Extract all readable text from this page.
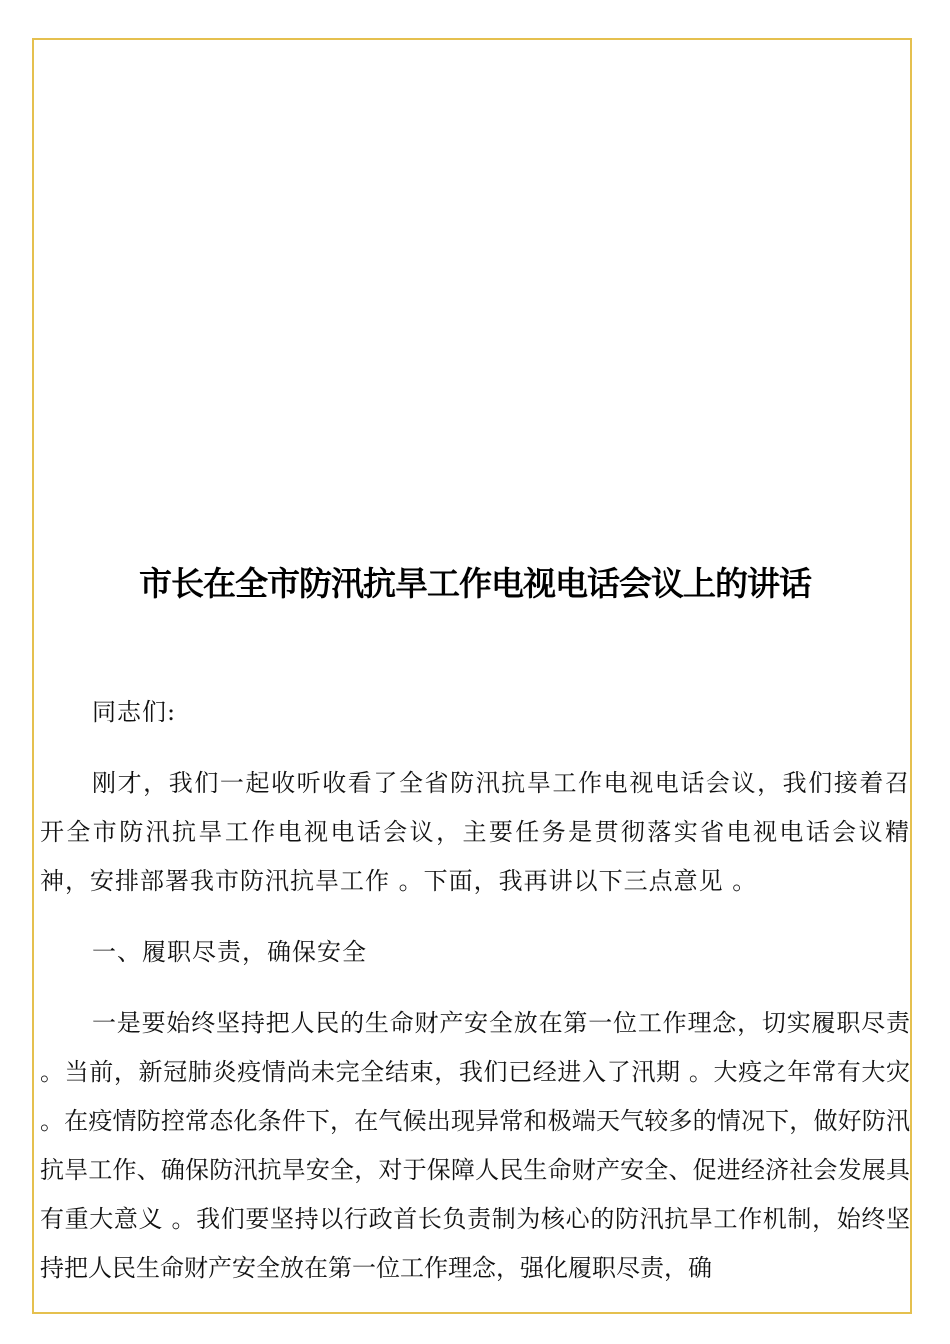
市长在全市防汛抗旱工作电视电话会议上的讲话

同志们:

刚才，我们一起收听收看了全省防汛抗旱工作电视电话会议，我们接着召开全市防汛抗旱工作电视电话会议，主要任务是贯彻落实省电视电话会议精神，安排部署我市防汛抗旱工作 。下面，我再讲以下三点意见 。

一、履职尽责，确保安全

一是要始终坚持把人民的生命财产安全放在第一位工作理念，切实履职尽责 。当前，新冠肺炎疫情尚未完全结束，我们已经进入了汛期 。大疫之年常有大灾 。在疫情防控常态化条件下，在气候出现异常和极端天气较多的情况下，做好防汛抗旱工作、确保防汛抗旱安全，对于保障人民生命财产安全、促进经济社会发展具有重大意义 。我们要坚持以行政首长负责制为核心的防汛抗旱工作机制，始终坚持把人民生命财产安全放在第一位工作理念，强化履职尽责，确
